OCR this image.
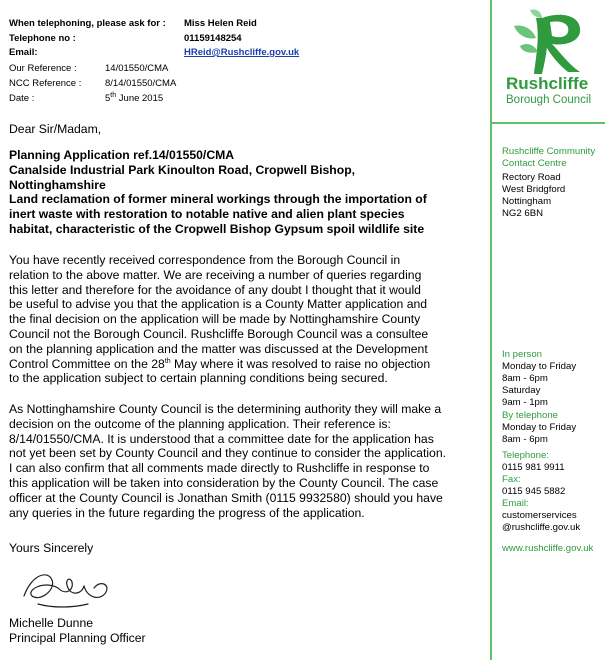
When telephoning, please ask for : Miss Helen Reid
Telephone no :	01159148254
Email:	HReid@Rushcliffe.gov.uk
Our Reference :	14/01550/CMA
NCC Reference : 8/14/01550/CMA
Date :	5th June 2015
Rushcliffe
Borough Council
Rushcliffe Community
Contact Centre
Rectory Road
West Bridgford
Nottingham
NG2 6BN
In person
Monday to Friday
8am - 6pm
Saturday
9am - 1pm
By telephone
Monday to Friday
8am - 6pm
Telephone:
0115 981 9911
Fax:
0115 945 5882
Email:
customerservices
@rushcliffe.gov.uk
www.rushcliffe.gov.uk
Dear Sir/Madam,
Planning Application ref.14/01550/CMA
Canalside Industrial Park Kinoulton Road, Cropwell Bishop,
Nottinghamshire
Land reclamation of former mineral workings through the importation of
inert waste with restoration to notable native and alien plant species
habitat, characteristic of the Cropwell Bishop Gypsum spoil wildlife site
You have recently received correspondence from the Borough Council in
relation to the above matter. We are receiving a number of queries regarding
this letter and therefore for the avoidance of any doubt I thought that it would
be useful to advise you that the application is a County Matter application and
the final decision on the application will be made by Nottinghamshire County
Council not the Borough Council. Rushcliffe Borough Council was a consultee
on the planning application and the matter was discussed at the Development
Control Committee on the 28th May where it was resolved to raise no objection
to the application subject to certain planning conditions being secured.
As Nottinghamshire County Council is the determining authority they will make a
decision on the outcome of the planning application. Their reference is:
8/14/01550/CMA. It is understood that a committee date for the application has
not yet been set by County Council and they continue to consider the application.
I can also confirm that all comments made directly to Rushcliffe in response to
this application will be taken into consideration by the County Council. The case
officer at the County Council is Jonathan Smith (0115 9932580) should you have
any queries in the future regarding the progress of the application.
Yours Sincerely
Michelle Dunne
Principal Planning Officer
